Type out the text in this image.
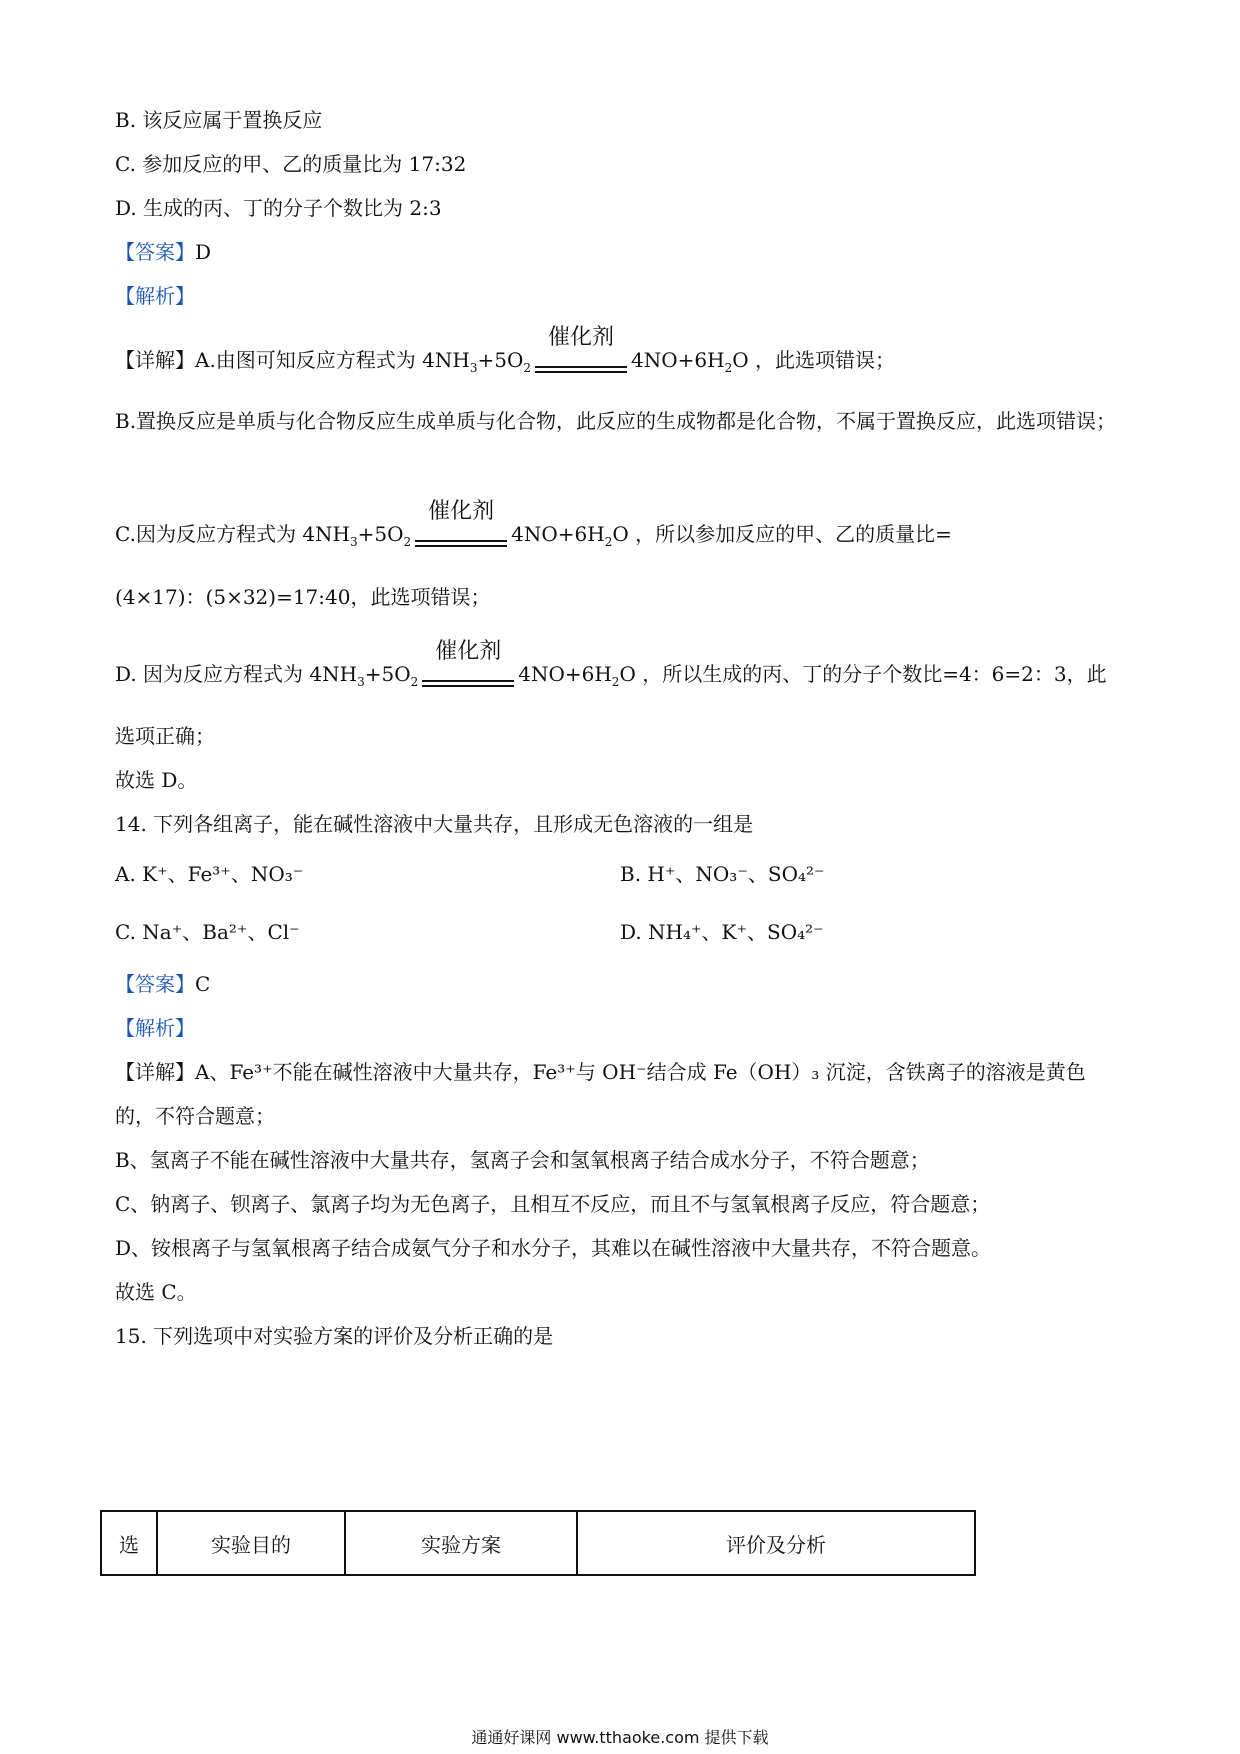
B. 该反应属于置换反应
C. 参加反应的甲、乙的质量比为 17:32
D. 生成的丙、丁的分子个数比为 2:3
【答案】D
【解析】
【详解】A.由图可知反应方程式为 $4NH_3+5O_2$
催化剂
$4NO+6H_2O$ ，此选项错误；
B.置换反应是单质与化合物反应生成单质与化合物，此反应的生成物都是化合物，不属于置换反应，此选项错误；
C.因为反应方程式为 $4NH_3+5O_2$
催化剂
$4NO+6H_2O$ ，所以参加反应的甲、乙的质量比=
(4×17)：(5×32)=17:40，此选项错误；
D. 因为反应方程式为 $4NH_3+5O_2$
催化剂
$4NO+6H_2O$ ，所以生成的丙、丁的分子个数比=4：6=2：3，此
选项正确；
故选 D。
14. 下列各组离子，能在碱性溶液中大量共存，且形成无色溶液的一组是
A. K⁺、Fe³⁺、NO₃⁻	B. H⁺、NO₃⁻、SO₄²⁻
C. Na⁺、Ba²⁺、Cl⁻	D. NH₄⁺、K⁺、SO₄²⁻
【答案】C
【解析】
【详解】A、Fe³⁺不能在碱性溶液中大量共存，Fe³⁺与 OH⁻结合成 Fe（OH）₃ 沉淀，含铁离子的溶液是黄色
的，不符合题意；
B、氢离子不能在碱性溶液中大量共存，氢离子会和氢氧根离子结合成水分子，不符合题意；
C、钠离子、钡离子、氯离子均为无色离子，且相互不反应，而且不与氢氧根离子反应，符合题意；
D、铵根离子与氢氧根离子结合成氨气分子和水分子，其难以在碱性溶液中大量共存，不符合题意。
故选 C。
15. 下列选项中对实验方案的评价及分析正确的是
选	实验目的	实验方案	评价及分析
通通好课网 www.tthaoke.com 提供下载
